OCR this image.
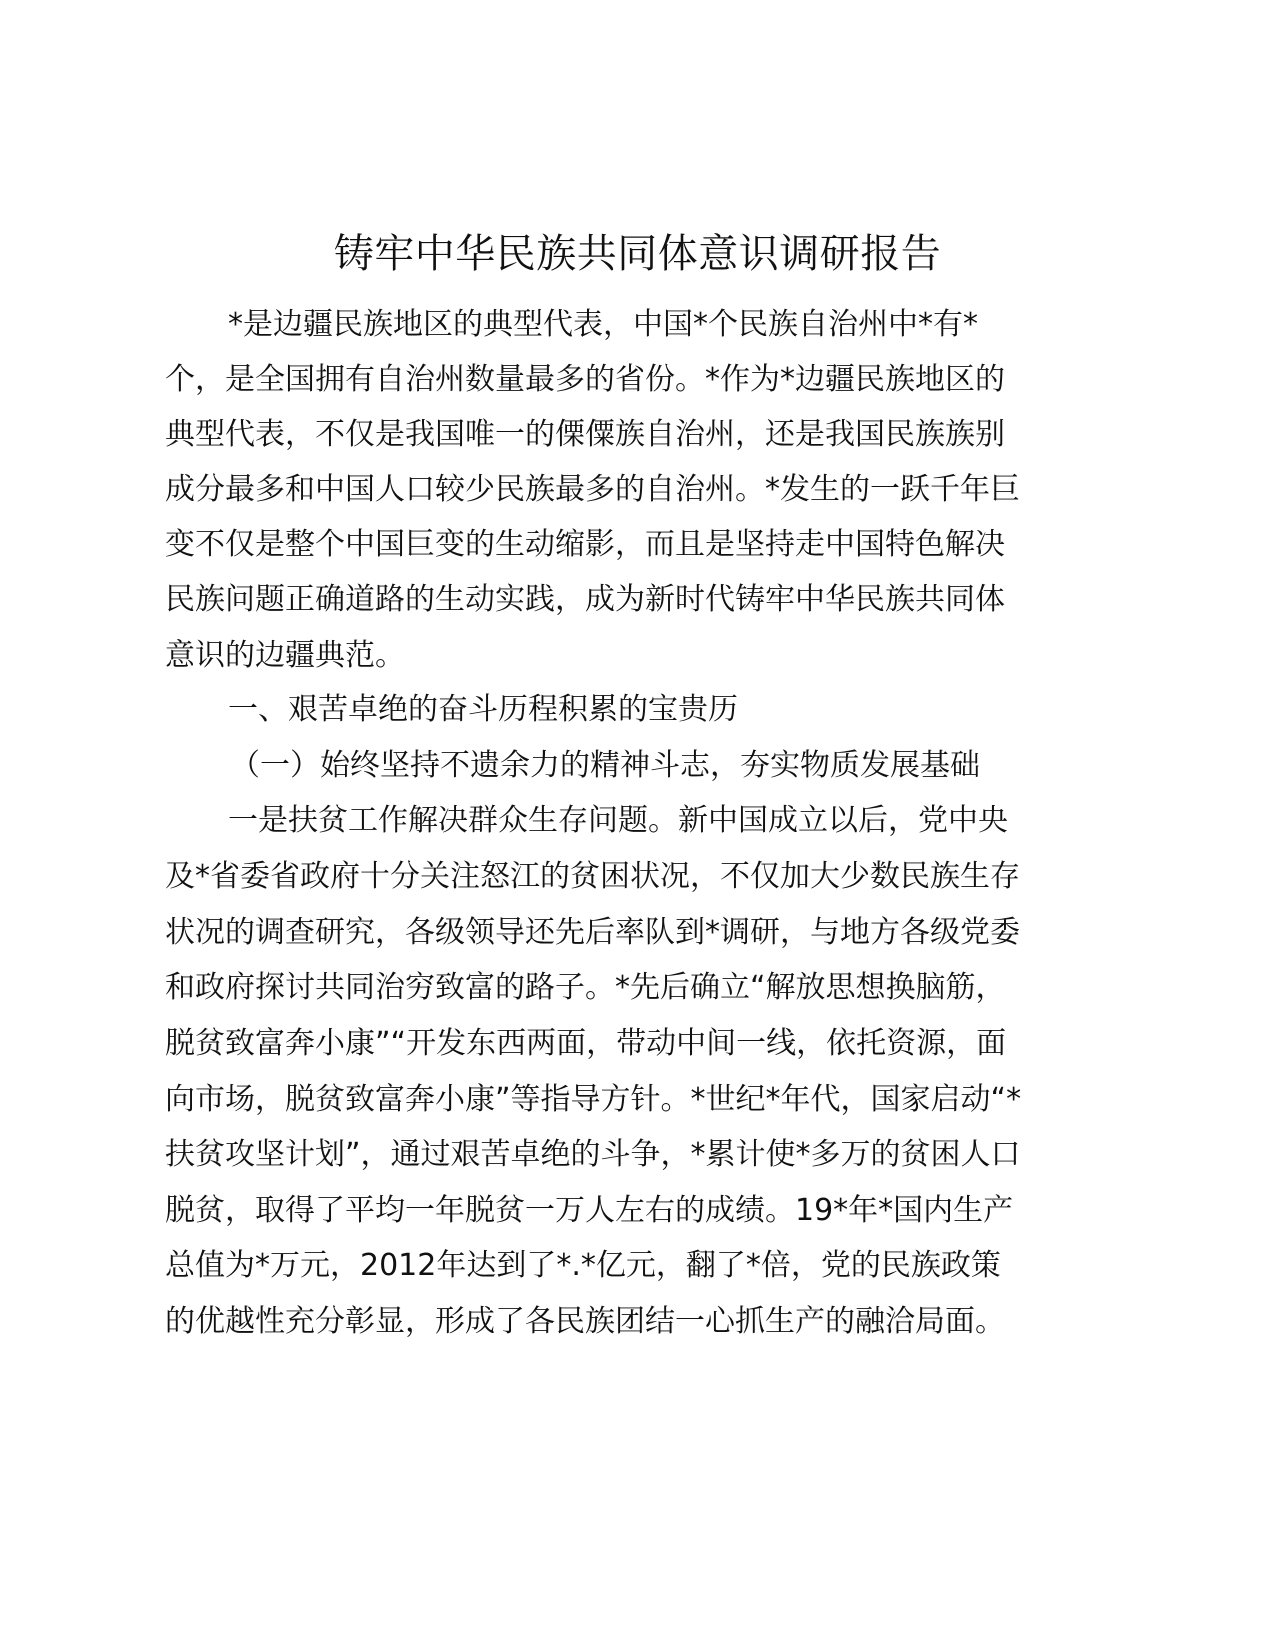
铸牢中华民族共同体意识调研报告
*是边疆民族地区的典型代表，中国*个民族自治州中*有*
个，是全国拥有自治州数量最多的省份。*作为*边疆民族地区的
典型代表，不仅是我国唯一的傈僳族自治州，还是我国民族族别
成分最多和中国人口较少民族最多的自治州。*发生的一跃千年巨
变不仅是整个中国巨变的生动缩影，而且是坚持走中国特色解决
民族问题正确道路的生动实践，成为新时代铸牢中华民族共同体
意识的边疆典范。
一、艰苦卓绝的奋斗历程积累的宝贵历
（一）始终坚持不遗余力的精神斗志，夯实物质发展基础
一是扶贫工作解决群众生存问题。新中国成立以后，党中央
及*省委省政府十分关注怒江的贫困状况，不仅加大少数民族生存
状况的调查研究，各级领导还先后率队到*调研，与地方各级党委
和政府探讨共同治穷致富的路子。*先后确立“解放思想换脑筋，
脱贫致富奔小康”“开发东西两面，带动中间一线，依托资源，面
向市场，脱贫致富奔小康”等指导方针。*世纪*年代，国家启动“*
扶贫攻坚计划”，通过艰苦卓绝的斗争，*累计使*多万的贫困人口
脱贫，取得了平均一年脱贫一万人左右的成绩。19*年*国内生产
总值为*万元，2012年达到了*.*亿元，翻了*倍，党的民族政策
的优越性充分彰显，形成了各民族团结一心抓生产的融洽局面。
